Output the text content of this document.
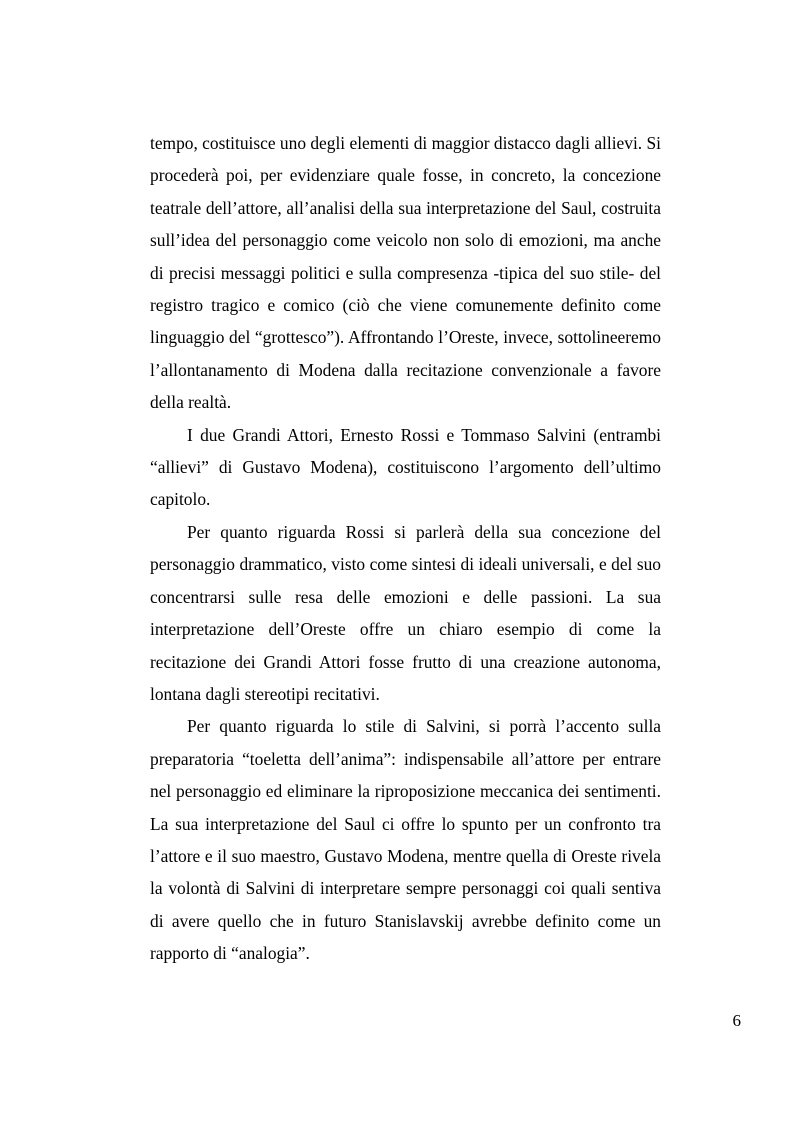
tempo, costituisce uno degli elementi di maggior distacco dagli allievi. Si procederà poi, per evidenziare quale fosse, in concreto, la concezione teatrale dell’attore, all’analisi della sua interpretazione del Saul, costruita sull’idea del personaggio come veicolo non solo di emozioni, ma anche di precisi messaggi politici e sulla compresenza -tipica del suo stile- del registro tragico e comico (ciò che viene comunemente definito come linguaggio del “grottesco”). Affrontando l’Oreste, invece, sottolineeremo l’allontanamento di Modena dalla recitazione convenzionale a favore della realtà.

I due Grandi Attori, Ernesto Rossi e Tommaso Salvini (entrambi “allievi” di Gustavo Modena), costituiscono l’argomento dell’ultimo capitolo.

Per quanto riguarda Rossi si parlerà della sua concezione del personaggio drammatico, visto come sintesi di ideali universali, e del suo concentrarsi sulle resa delle emozioni e delle passioni. La sua interpretazione dell’Oreste offre un chiaro esempio di come la recitazione dei Grandi Attori fosse frutto di una creazione autonoma, lontana dagli stereotipi recitativi.

Per quanto riguarda lo stile di Salvini, si porrà l’accento sulla preparatoria “toeletta dell’anima”: indispensabile all’attore per entrare nel personaggio ed eliminare la riproposizione meccanica dei sentimenti. La sua interpretazione del Saul ci offre lo spunto per un confronto tra l’attore e il suo maestro, Gustavo Modena, mentre quella di Oreste rivela la volontà di Salvini di interpretare sempre personaggi coi quali sentiva di avere quello che in futuro Stanislavskij avrebbe definito come un rapporto di “analogia”.

6
